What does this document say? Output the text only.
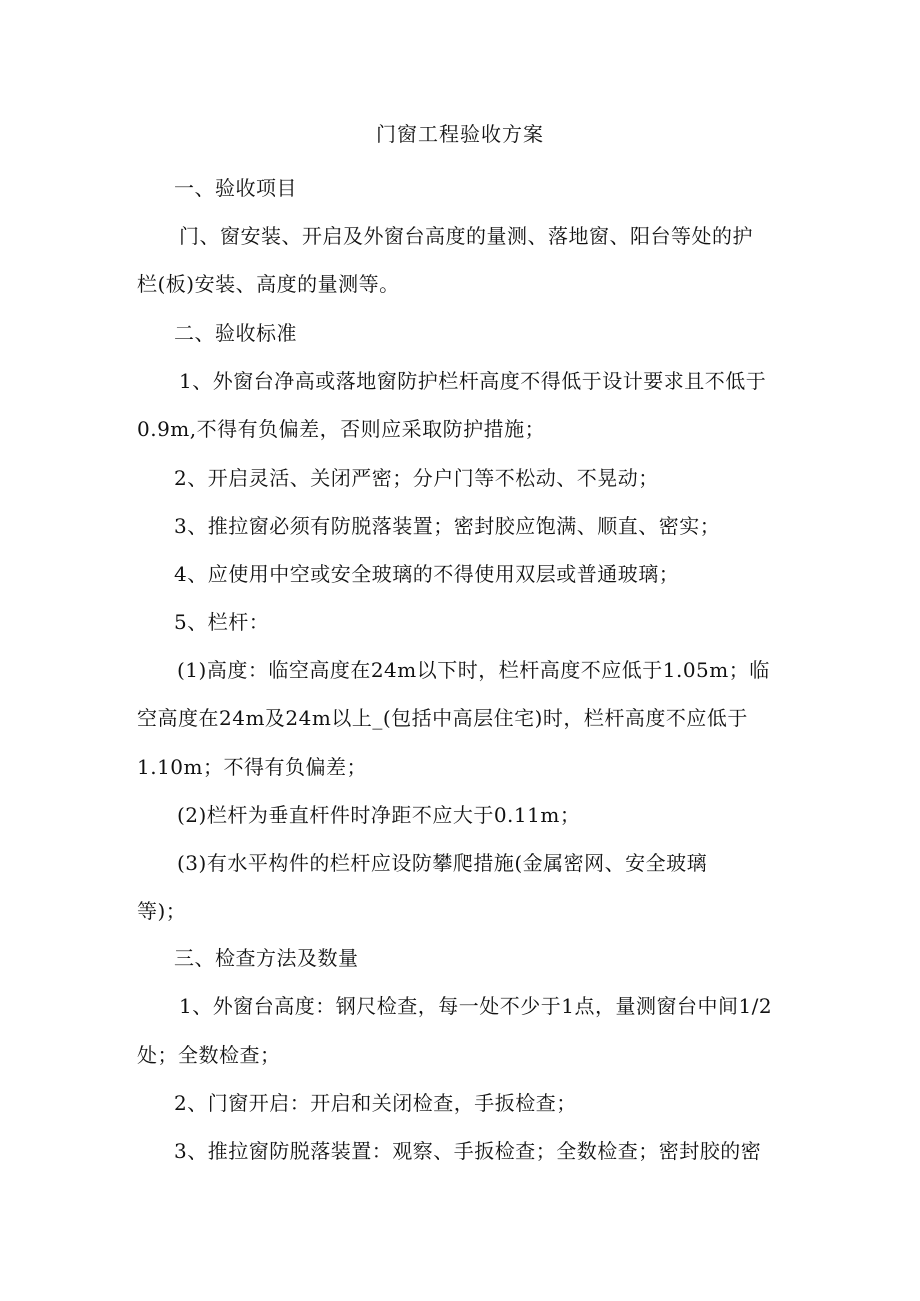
门窗工程验收方案
一、验收项目
门、窗安装、开启及外窗台高度的量测、落地窗、阳台等处的护
栏(板)安装、高度的量测等。
二、验收标准
1、外窗台净高或落地窗防护栏杆高度不得低于设计要求且不低于
0.9m,不得有负偏差，否则应采取防护措施；
2、开启灵活、关闭严密；分户门等不松动、不晃动；
3、推拉窗必须有防脱落装置；密封胶应饱满、顺直、密实；
4、应使用中空或安全玻璃的不得使用双层或普通玻璃；
5、栏杆：
(1)高度：临空高度在24m以下时，栏杆高度不应低于1.05m；临
空高度在24m及24m以上_(包括中高层住宅)时，栏杆高度不应低于
1.10m；不得有负偏差；
(2)栏杆为垂直杆件时净距不应大于0.11m；
(3)有水平构件的栏杆应设防攀爬措施(金属密网、安全玻璃
等)；
三、检查方法及数量
1、外窗台高度：钢尺检查，每一处不少于1点，量测窗台中间1/2
处；全数检查；
2、门窗开启：开启和关闭检查，手扳检查；
3、推拉窗防脱落装置：观察、手扳检查；全数检查；密封胶的密
